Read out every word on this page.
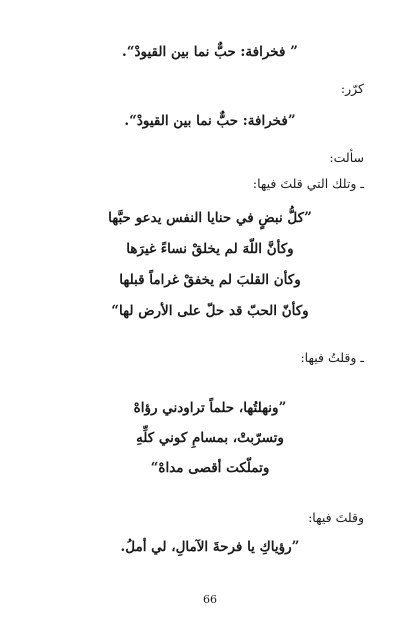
” فخرافة: حبٌّ نما بين القيودْ“.
كرّر:
”فخرافة: حبٌّ نما بين القيودْ“.
سألت:
ـ وتلك التي قلتَ فيها:
”كلُّ نبضٍ في حنايا النفس يدعو حبَّها
وكأنَّ اللّهَ لم يخلقْ نساءً غيرَها
وكأن القلبَ لم يخفقْ غراماً قبلها
وكأنّ الحبّ قد حلّ على الأرض لها“
ـ وقلتُ فيها:
”ونهلتُها، حلماً تراودني رؤاهْ
وتسرّبتْ، بمسامِ كوني كلِّهِ
وتملّكت أقصى مداهْ“
وقلتَ فيها:
”رؤياكِ يا فرحةَ الآمالِ، لي أملُ.
66
